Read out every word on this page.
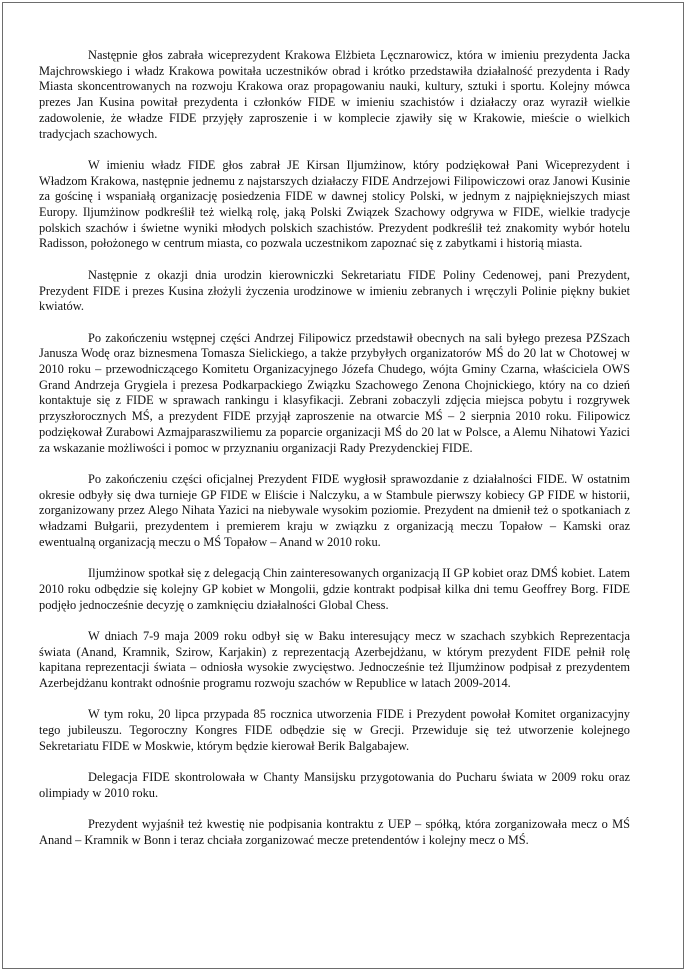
Następnie głos zabrała wiceprezydent Krakowa Elżbieta Lęcznarowicz, która w imieniu prezydenta Jacka Majchrowskiego i władz Krakowa powitała uczestników obrad i krótko przedstawiła działalność prezydenta i Rady Miasta skoncentrowanych na rozwoju Krakowa oraz propagowaniu nauki, kultury, sztuki i sportu. Kolejny mówca prezes Jan Kusina powitał prezydenta i członków FIDE w imieniu szachistów i działaczy oraz wyraził wielkie zadowolenie, że władze FIDE przyjęły zaproszenie i w komplecie zjawiły się w Krakowie, mieście o wielkich tradycjach szachowych.

W imieniu władz FIDE głos zabrał JE Kirsan Iljumżinow, który podziękował Pani Wiceprezydent i Władzom Krakowa, następnie jednemu z najstarszych działaczy FIDE Andrzejowi Filipowiczowi oraz Janowi Kusinie za gościnę i wspaniałą organizację posiedzenia FIDE w dawnej stolicy Polski, w jednym z najpiękniejszych miast Europy. Iljumżinow podkreślił też wielką rolę, jaką Polski Związek Szachowy odgrywa w FIDE, wielkie tradycje polskich szachów i świetne wyniki młodych polskich szachistów. Prezydent podkreślił też znakomity wybór hotelu Radisson, położonego w centrum miasta, co pozwala uczestnikom zapoznać się z zabytkami i historią miasta.

Następnie z okazji dnia urodzin kierowniczki Sekretariatu FIDE Poliny Cedenowej, pani Prezydent, Prezydent FIDE i prezes Kusina złożyli życzenia urodzinowe w imieniu zebranych i wręczyli Polinie piękny bukiet kwiatów.

Po zakończeniu wstępnej części Andrzej Filipowicz przedstawił obecnych na sali byłego prezesa PZSzach Janusza Wodę oraz biznesmena Tomasza Sielickiego, a także przybyłych organizatorów MŚ do 20 lat w Chotowej w 2010 roku – przewodniczącego Komitetu Organizacyjnego Józefa Chudego, wójta Gminy Czarna, właściciela OWS Grand Andrzeja Grygiela i prezesa Podkarpackiego Związku Szachowego Zenona Chojnickiego, który na co dzień kontaktuje się z FIDE w sprawach rankingu i klasyfikacji. Zebrani zobaczyli zdjęcia miejsca pobytu i rozgrywek przyszłorocznych MŚ, a prezydent FIDE przyjął zaproszenie na otwarcie MŚ – 2 sierpnia 2010 roku. Filipowicz podziękował Zurabowi Azmajparaszwiliemu za poparcie organizacji MŚ do 20 lat w Polsce, a Alemu Nihatowi Yazici za wskazanie możliwości i pomoc w przyznaniu organizacji Rady Prezydenckiej FIDE.

Po zakończeniu części oficjalnej Prezydent FIDE wygłosił sprawozdanie z działalności FIDE. W ostatnim okresie odbyły się dwa turnieje GP FIDE w Eliście i Nalczyku, a w Stambule pierwszy kobiecy GP FIDE w historii, zorganizowany przez Alego Nihata Yazici na niebywale wysokim poziomie. Prezydent na dmienił też o spotkaniach z władzami Bułgarii, prezydentem i premierem kraju w związku z organizacją meczu Topałow – Kamski oraz ewentualną organizacją meczu o MŚ Topałow – Anand w 2010 roku.

Iljumżinow spotkał się z delegacją Chin zainteresowanych organizacją II GP kobiet oraz DMŚ kobiet. Latem 2010 roku odbędzie się kolejny GP kobiet w Mongolii, gdzie kontrakt podpisał kilka dni temu Geoffrey Borg. FIDE podjęło jednocześnie decyzję o zamknięciu działalności Global Chess.

W dniach 7-9 maja 2009 roku odbył się w Baku interesujący mecz w szachach szybkich Reprezentacja świata (Anand, Kramnik, Szirow, Karjakin) z reprezentacją Azerbejdżanu, w którym prezydent FIDE pełnił rolę kapitana reprezentacji świata – odniosła wysokie zwycięstwo. Jednocześnie też Iljumżinow podpisał z prezydentem Azerbejdżanu kontrakt odnośnie programu rozwoju szachów w Republice w latach 2009-2014.

W tym roku, 20 lipca przypada 85 rocznica utworzenia FIDE i Prezydent powołał Komitet organizacyjny tego jubileuszu. Tegoroczny Kongres FIDE odbędzie się w Grecji. Przewiduje się też utworzenie kolejnego Sekretariatu FIDE w Moskwie, którym będzie kierował Berik Balgabajew.

Delegacja FIDE skontrolowała w Chanty Mansijsku przygotowania do Pucharu świata w 2009 roku oraz olimpiady w 2010 roku.

Prezydent wyjaśnił też kwestię nie podpisania kontraktu z UEP – spółką, która zorganizowała mecz o MŚ Anand – Kramnik w Bonn i teraz chciała zorganizować mecze pretendentów i kolejny mecz o MŚ.
